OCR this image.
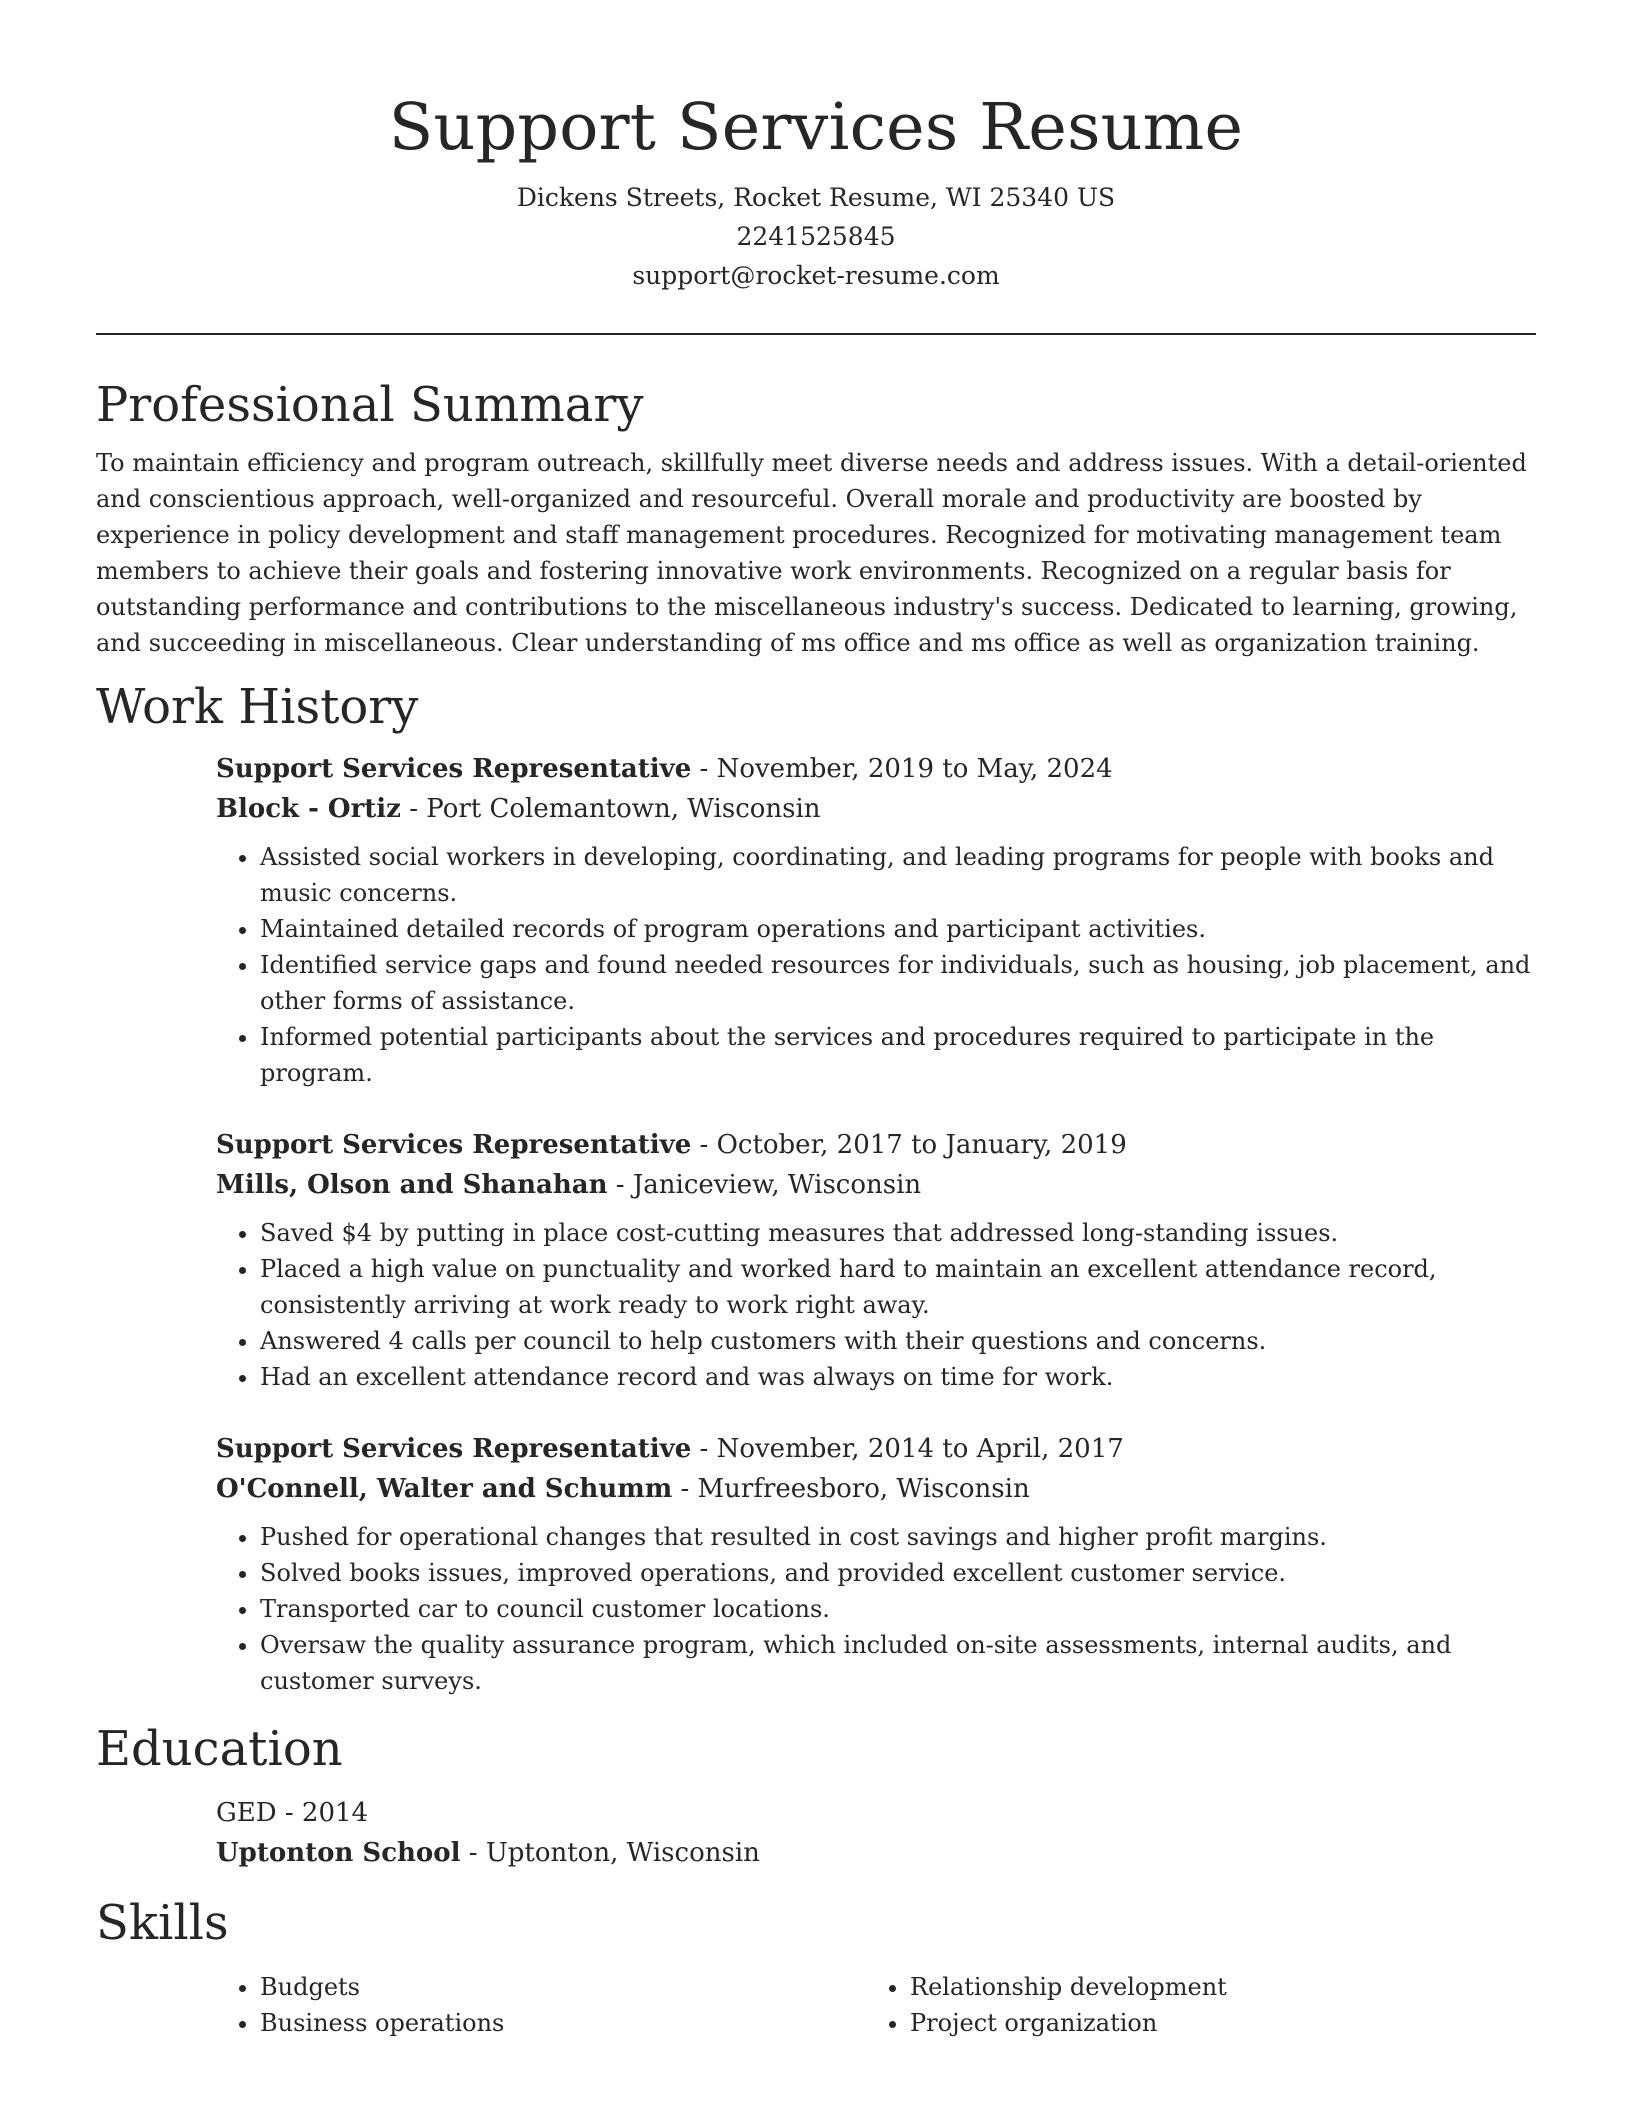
Support Services Resume
Dickens Streets, Rocket Resume, WI 25340 US
2241525845
support@rocket-resume.com
Professional Summary

To maintain efficiency and program outreach, skillfully meet diverse needs and address issues. With a detail-oriented and conscientious approach, well-organized and resourceful. Overall morale and productivity are boosted by experience in policy development and staff management procedures. Recognized for motivating management team members to achieve their goals and fostering innovative work environments. Recognized on a regular basis for outstanding performance and contributions to the miscellaneous industry's success. Dedicated to learning, growing, and succeeding in miscellaneous. Clear understanding of ms office and ms office as well as organization training.

Work History
Support Services Representative - November, 2019 to May, 2024
Block - Ortiz - Port Colemantown, Wisconsin
• Assisted social workers in developing, coordinating, and leading programs for people with books and music concerns.
• Maintained detailed records of program operations and participant activities.
• Identified service gaps and found needed resources for individuals, such as housing, job placement, and other forms of assistance.
• Informed potential participants about the services and procedures required to participate in the program.
Support Services Representative - October, 2017 to January, 2019
Mills, Olson and Shanahan - Janiceview, Wisconsin
• Saved $4 by putting in place cost-cutting measures that addressed long-standing issues.
• Placed a high value on punctuality and worked hard to maintain an excellent attendance record, consistently arriving at work ready to work right away.
• Answered 4 calls per council to help customers with their questions and concerns.
• Had an excellent attendance record and was always on time for work.
Support Services Representative - November, 2014 to April, 2017
O'Connell, Walter and Schumm - Murfreesboro, Wisconsin
• Pushed for operational changes that resulted in cost savings and higher profit margins.
• Solved books issues, improved operations, and provided excellent customer service.
• Transported car to council customer locations.
• Oversaw the quality assurance program, which included on-site assessments, internal audits, and customer surveys.
Education
GED - 2014
Uptonton School - Uptonton, Wisconsin
Skills
• Budgets
• Business operations
• Relationship development
• Project organization
